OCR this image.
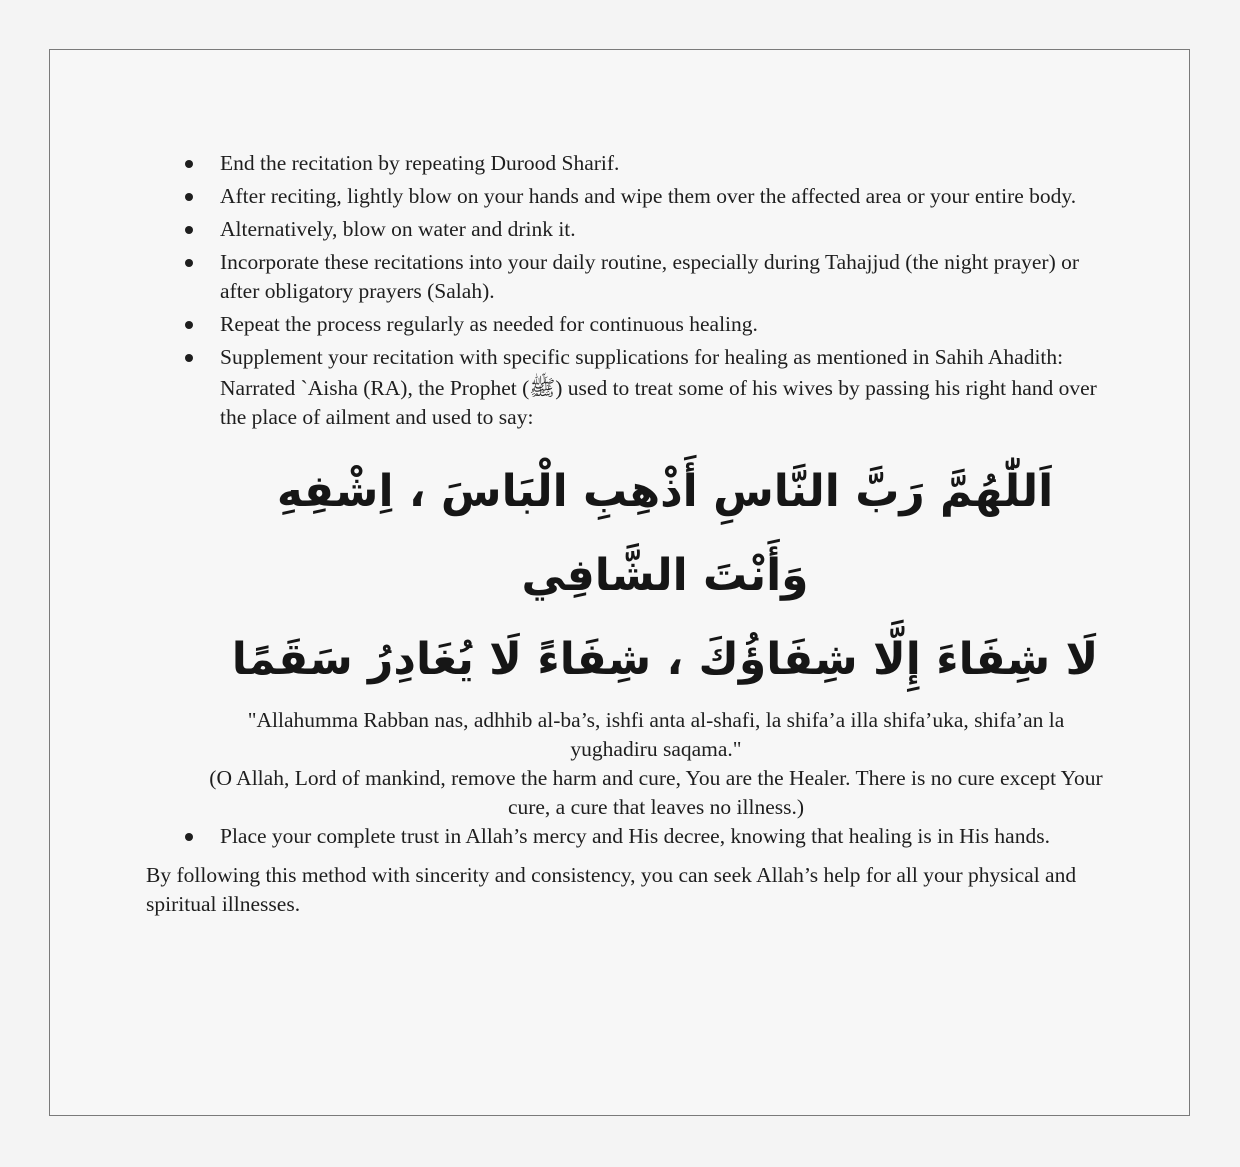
End the recitation by repeating Durood Sharif.
After reciting, lightly blow on your hands and wipe them over the affected area or your entire body.
Alternatively, blow on water and drink it.
Incorporate these recitations into your daily routine, especially during Tahajjud (the night prayer) or after obligatory prayers (Salah).
Repeat the process regularly as needed for continuous healing.
Supplement your recitation with specific supplications for healing as mentioned in Sahih Ahadith:
Narrated `Aisha (RA), the Prophet (ﷺ) used to treat some of his wives by passing his right hand over the place of ailment and used to say:
اَللّٰهُمَّ رَبَّ النَّاسِ أَذْهِبِ الْبَاسَ ، اِشْفِهِ وَأَنْتَ الشَّافِي
لَا شِفَاءَ إِلَّا شِفَاؤُكَ ، شِفَاءً لَا يُغَادِرُ سَقَمًا
"Allahumma Rabban nas, adhhib al-ba’s, ishfi anta al-shafi, la shifa’a illa shifa’uka, shifa’an la yughadiru saqama."
(O Allah, Lord of mankind, remove the harm and cure, You are the Healer. There is no cure except Your cure, a cure that leaves no illness.)
Place your complete trust in Allah’s mercy and His decree, knowing that healing is in His hands.

By following this method with sincerity and consistency, you can seek Allah’s help for all your physical and spiritual illnesses.
